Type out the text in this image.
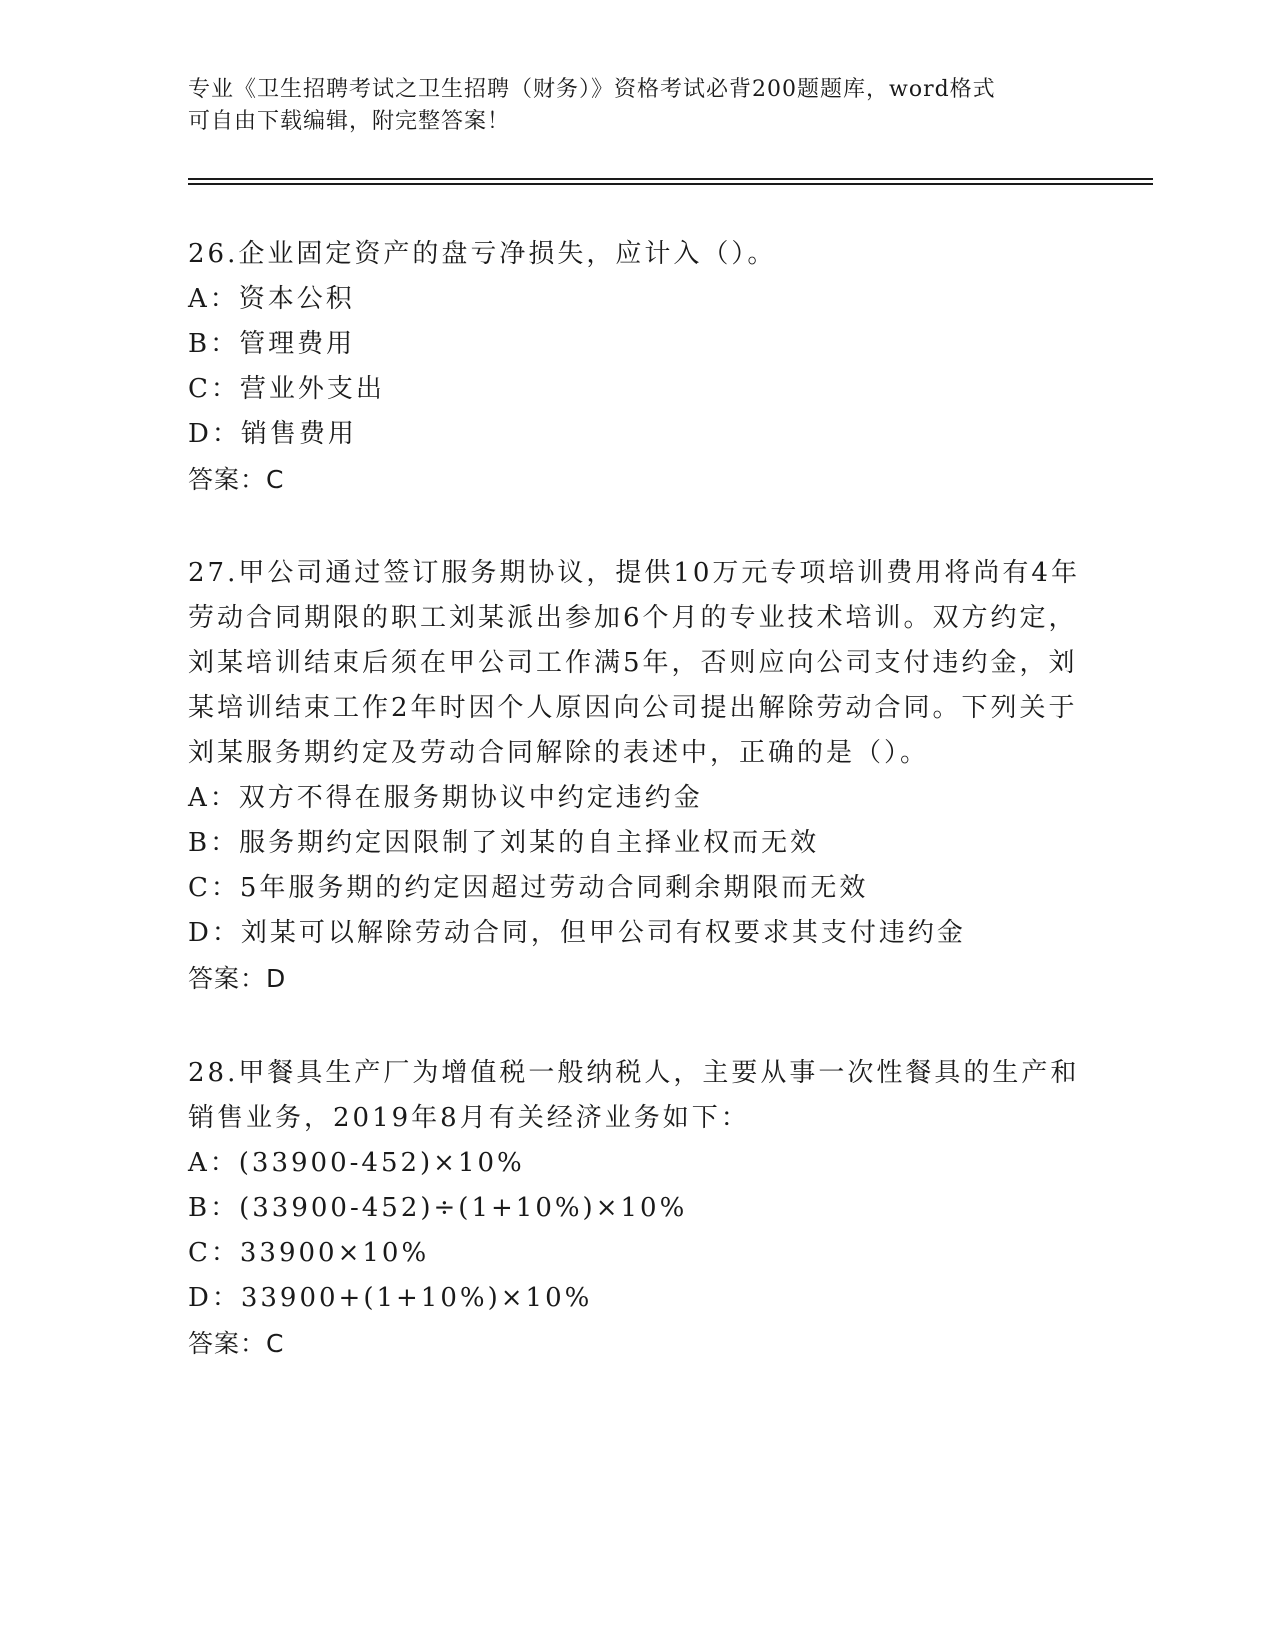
专业《卫生招聘考试之卫生招聘（财务）》资格考试必背200题题库，word格式
可自由下载编辑，附完整答案！

26.企业固定资产的盘亏净损失，应计入（）。

A：资本公积

B：管理费用

C：营业外支出

D：销售费用

答案：C

27.甲公司通过签订服务期协议，提供10万元专项培训费用将尚有4年劳动合同期限的职工刘某派出参加6个月的专业技术培训。双方约定，刘某培训结束后须在甲公司工作满5年，否则应向公司支付违约金，刘某培训结束工作2年时因个人原因向公司提出解除劳动合同。下列关于刘某服务期约定及劳动合同解除的表述中，正确的是（）。

A：双方不得在服务期协议中约定违约金

B：服务期约定因限制了刘某的自主择业权而无效

C：5年服务期的约定因超过劳动合同剩余期限而无效

D：刘某可以解除劳动合同，但甲公司有权要求其支付违约金

答案：D

28.甲餐具生产厂为增值税一般纳税人，主要从事一次性餐具的生产和销售业务，2019年8月有关经济业务如下：

A：(33900-452)×10%

B：(33900-452)÷(1+10%)×10%

C：33900×10%

D：33900+(1+10%)×10%

答案：C
